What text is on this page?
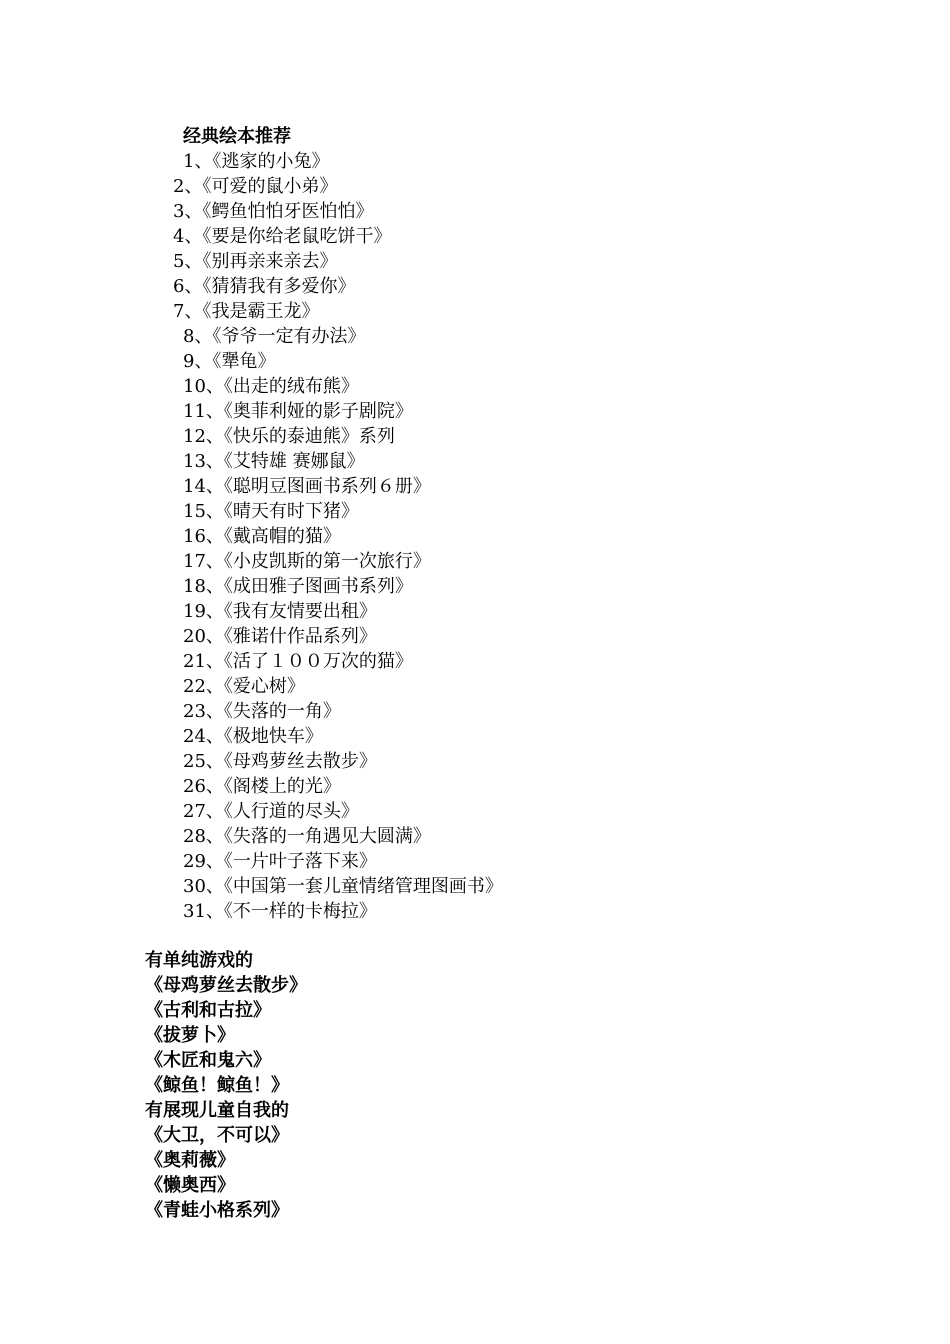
经典绘本推荐
1、《逃家的小兔》
2、《可爱的鼠小弟》
3、《鳄鱼怕怕牙医怕怕》
4、《要是你给老鼠吃饼干》
5、《别再亲来亲去》
6、《猜猜我有多爱你》
7、《我是霸王龙》
8、《爷爷一定有办法》
9、《犟龟》
10、《出走的绒布熊》
11、《奥菲利娅的影子剧院》
12、《快乐的泰迪熊》系列
13、《艾特雄 赛娜鼠》
14、《聪明豆图画书系列６册》
15、《晴天有时下猪》
16、《戴高帽的猫》
17、《小皮凯斯的第一次旅行》
18、《成田雅子图画书系列》
19、《我有友情要出租》
20、《雅诺什作品系列》
21、《活了１００万次的猫》
22、《爱心树》
23、《失落的一角》
24、《极地快车》
25、《母鸡萝丝去散步》
26、《阁楼上的光》
27、《人行道的尽头》
28、《失落的一角遇见大圆满》
29、《一片叶子落下来》
30、《中国第一套儿童情绪管理图画书》
31、《不一样的卡梅拉》
有单纯游戏的
《母鸡萝丝去散步》
《古利和古拉》
《拔萝卜》
《木匠和鬼六》
《鲸鱼！鲸鱼！》
有展现儿童自我的
《大卫，不可以》
《奥莉薇》
《懒奥西》
《青蛙小格系列》
